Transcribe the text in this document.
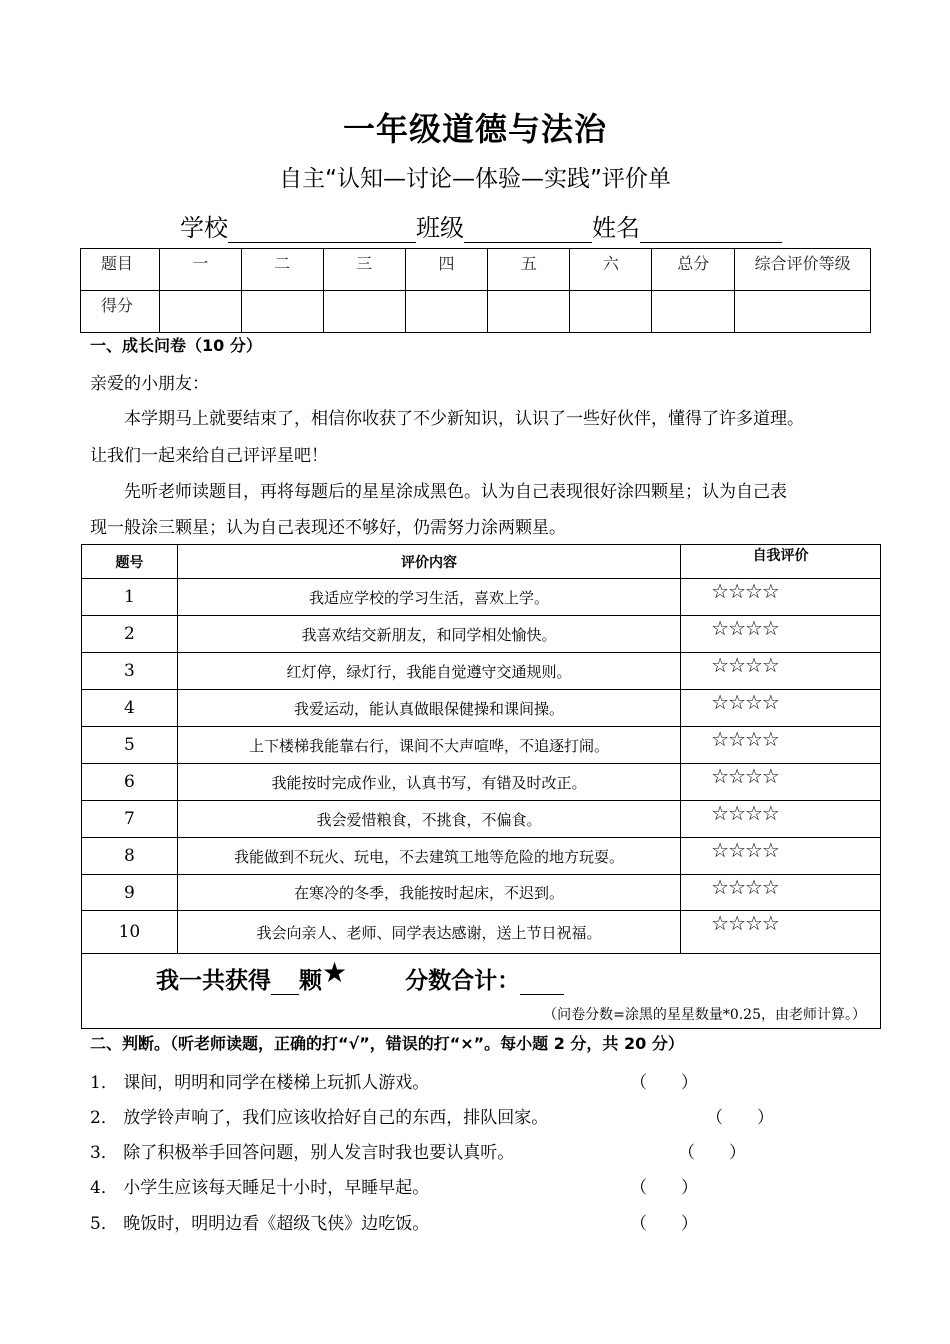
一年级道德与法治
自主“认知—讨论—体验—实践”评价单
学校	班级	姓名
题目	一	二	三	四	五	六	总分	综合评价等级
得分								
一、成长问卷（10 分）
亲爱的小朋友：
本学期马上就要结束了，相信你收获了不少新知识，认识了一些好伙伴，懂得了许多道理。
让我们一起来给自己评评星吧！
先听老师读题目，再将每题后的星星涂成黑色。认为自己表现很好涂四颗星；认为自己表
现一般涂三颗星；认为自己表现还不够好，仍需努力涂两颗星。
题号	评价内容	自我评价
1	我适应学校的学习生活，喜欢上学。	☆☆☆☆
2	我喜欢结交新朋友，和同学相处愉快。	☆☆☆☆
3	红灯停，绿灯行，我能自觉遵守交通规则。	☆☆☆☆
4	我爱运动，能认真做眼保健操和课间操。	☆☆☆☆
5	上下楼梯我能靠右行，课间不大声喧哗，不追逐打闹。	☆☆☆☆
6	我能按时完成作业，认真书写，有错及时改正。	☆☆☆☆
7	我会爱惜粮食，不挑食，不偏食。	☆☆☆☆
8	我能做到不玩火、玩电，不去建筑工地等危险的地方玩耍。	☆☆☆☆
9	在寒冷的冬季，我能按时起床，不迟到。	☆☆☆☆
10	我会向亲人、老师、同学表达感谢，送上节日祝福。	☆☆☆☆

我一共获得 颗★ 分数合计：
（问卷分数=涂黑的星星数量*0.25，由老师计算。）		
二、判断。（听老师读题，正确的打“√”，错误的打“×”。每小题 2 分，共 20 分）
1． 课间，明明和同学在楼梯上玩抓人游戏。	（　　）
2． 放学铃声响了，我们应该收拾好自己的东西，排队回家。	（　　）
3． 除了积极举手回答问题，别人发言时我也要认真听。	（　　）
4． 小学生应该每天睡足十小时，早睡早起。	（　　）
5． 晚饭时，明明边看《超级飞侠》边吃饭。	（　　）
